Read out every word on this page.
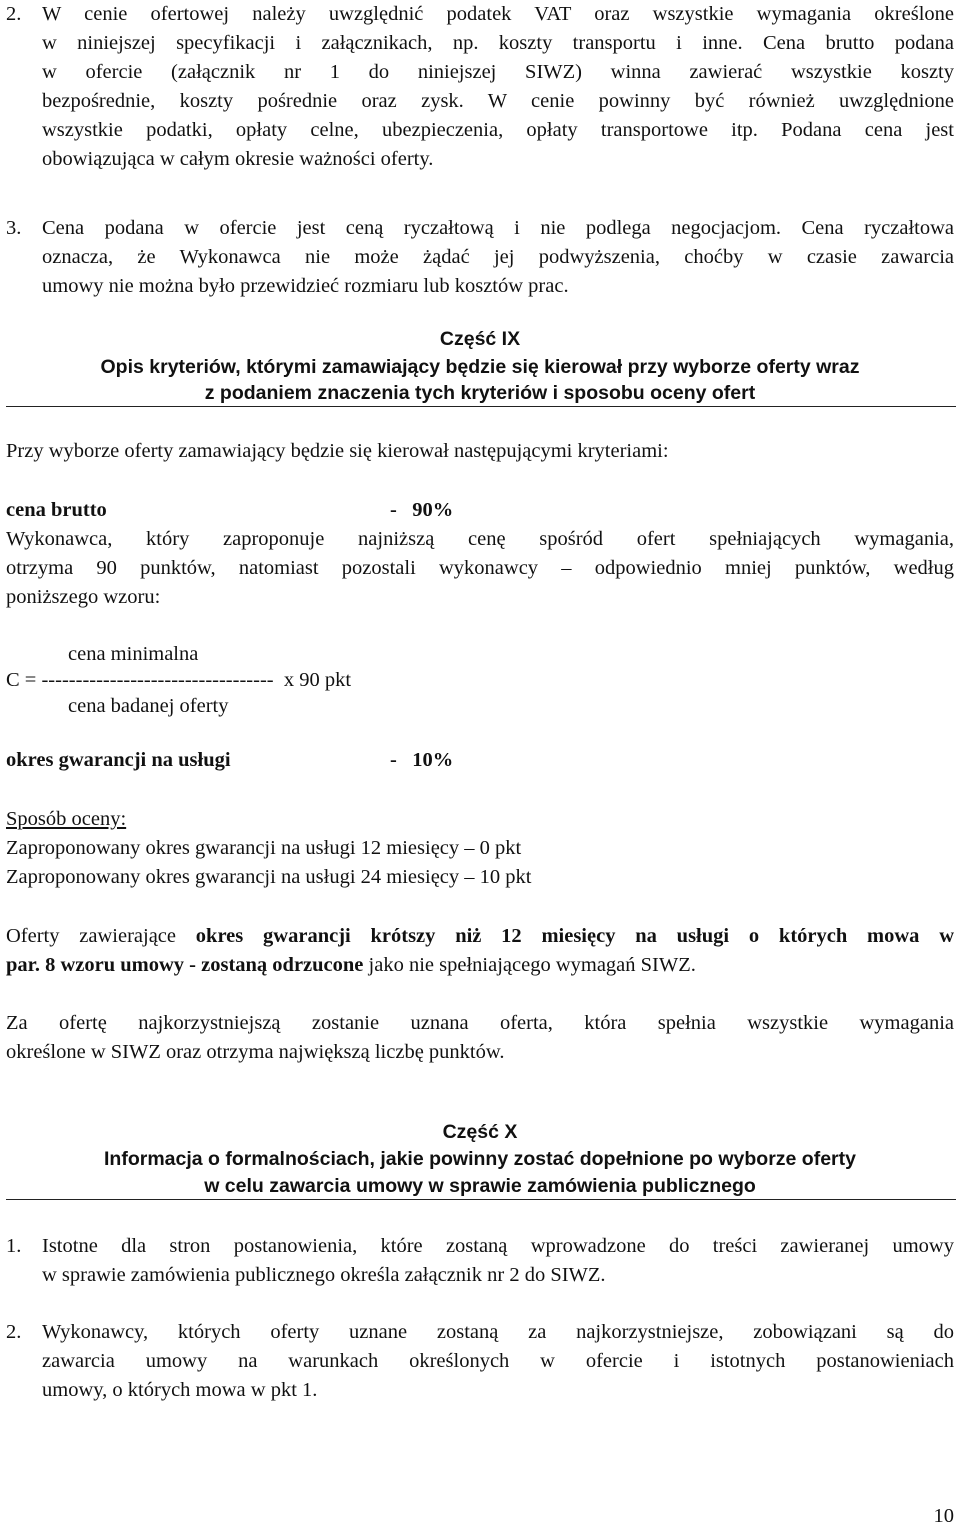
2. W cenie ofertowej należy uwzględnić podatek VAT oraz wszystkie wymagania określone

w niniejszej specyfikacji i załącznikach, np. koszty transportu i inne. Cena brutto podana

w ofercie (załącznik nr 1 do niniejszej SIWZ) winna zawierać wszystkie koszty

bezpośrednie, koszty pośrednie oraz zysk. W cenie powinny być również uwzględnione

wszystkie podatki, opłaty celne, ubezpieczenia, opłaty transportowe itp. Podana cena jest

obowiązująca w całym okresie ważności oferty.

3. Cena podana w ofercie jest ceną ryczałtową i nie podlega negocjacjom. Cena ryczałtowa

oznacza, że Wykonawca nie może żądać jej podwyższenia, choćby w czasie zawarcia

umowy nie można było przewidzieć rozmiaru lub kosztów prac.

Część IX

Opis kryteriów, którymi zamawiający będzie się kierował przy wyborze oferty wraz

z podaniem znaczenia tych kryteriów i sposobu oceny ofert

Przy wyborze oferty zamawiający będzie się kierował następującymi kryteriami:

cena brutto	-   90%

Wykonawca, który zaproponuje najniższą cenę spośród ofert spełniających wymagania,

otrzyma 90 punktów, natomiast pozostali wykonawcy – odpowiednio mniej punktów, według

poniższego wzoru:

cena minimalna

C = ----------------------------------  x 90 pkt

cena badanej oferty

okres gwarancji na usługi	-   10%

Sposób oceny:

Zaproponowany okres gwarancji na usługi 12 miesięcy – 0 pkt

Zaproponowany okres gwarancji na usługi 24 miesięcy – 10 pkt

Oferty zawierające okres gwarancji krótszy niż 12 miesięcy na usługi o których mowa w

par. 8 wzoru umowy - zostaną odrzucone jako nie spełniającego wymagań SIWZ.

Za ofertę najkorzystniejszą zostanie uznana oferta, która spełnia wszystkie wymagania

określone w SIWZ oraz otrzyma największą liczbę punktów.

Część X

Informacja o formalnościach, jakie powinny zostać dopełnione po wyborze oferty

w celu zawarcia umowy w sprawie zamówienia publicznego

1. Istotne dla stron postanowienia, które zostaną wprowadzone do treści zawieranej umowy

w sprawie zamówienia publicznego określa załącznik nr 2 do SIWZ.

2. Wykonawcy, których oferty uznane zostaną za najkorzystniejsze, zobowiązani są do

zawarcia umowy na warunkach określonych w ofercie i istotnych postanowieniach

umowy, o których mowa w pkt 1.

10
